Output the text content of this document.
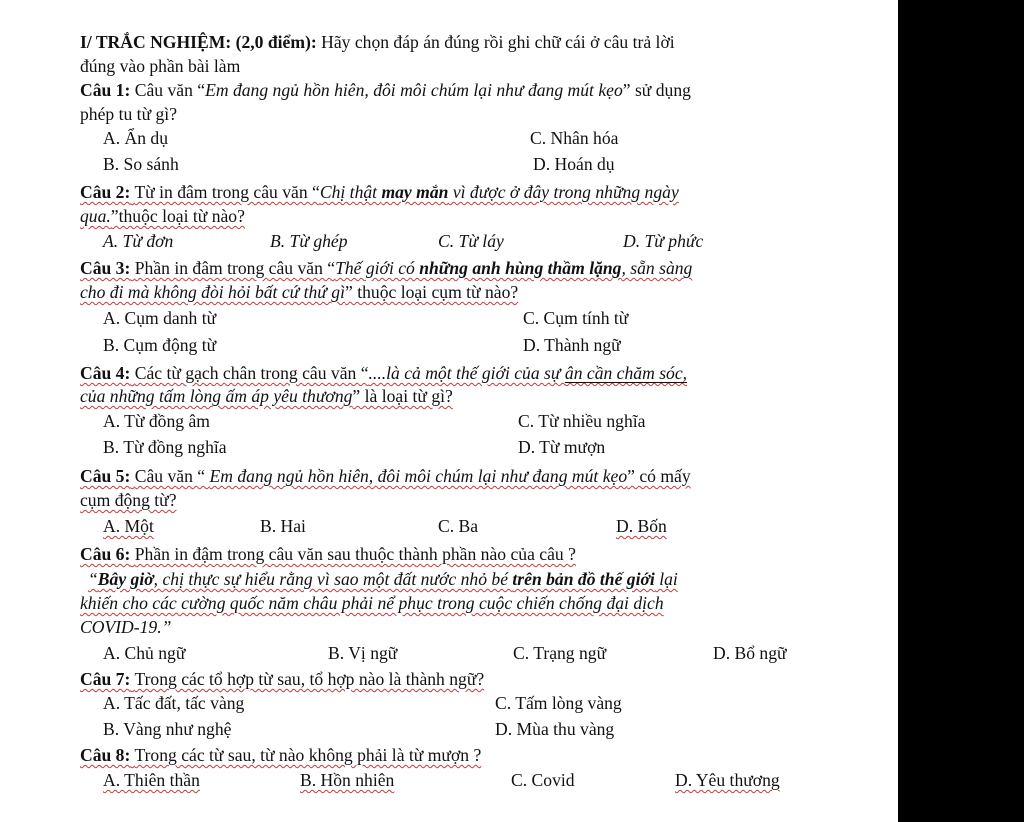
I/ TRẮC NGHIỆM: (2,0 điểm): Hãy chọn đáp án đúng rồi ghi chữ cái ở câu trả lời
đúng vào phần bài làm
Câu 1: Câu văn “Em đang ngủ hồn hiên, đôi môi chúm lại như đang mút kẹo” sử dụng
phép tu từ gì?
A. Ẩn dụ	C. Nhân hóa
B. So sánh	D. Hoán dụ
Câu 2: Từ in đâm trong câu văn “Chị thật may mắn vì được ở đây trong những ngày
qua.”thuộc loại từ nào?
A. Từ đơn	B. Từ ghép	C. Từ láy	D. Từ phức
Câu 3: Phần in đâm trong câu văn “Thế giới có những anh hùng thầm lặng, sẵn sàng
cho đi mà không đòi hỏi bất cứ thứ gì” thuộc loại cụm từ nào?
A. Cụm danh từ	C. Cụm tính từ
B. Cụm động từ	D. Thành ngữ
Câu 4: Các từ gạch chân trong câu văn “....là cả một thế giới của sự ân cần chăm sóc,
của những tấm lòng ấm áp yêu thương” là loại từ gì?
A. Từ đồng âm	C. Từ nhiều nghĩa
B. Từ đồng nghĩa	D. Từ mượn
Câu 5: Câu văn “ Em đang ngủ hồn hiên, đôi môi chúm lại như đang mút kẹo” có mấy
cụm động từ?
A. Một	B. Hai	C. Ba	D. Bốn
Câu 6: Phần in đậm trong câu văn sau thuộc thành phần nào của câu ?
“Bây giờ, chị thực sự hiểu rằng vì sao một đất nước nhỏ bé trên bản đồ thế giới lại
khiến cho các cường quốc năm châu phải nể phục trong cuộc chiến chống đại dịch
COVID-19.”
A. Chủ ngữ	B. Vị ngữ	C. Trạng ngữ	D. Bổ ngữ
Câu 7: Trong các tổ hợp từ sau, tổ hợp nào là thành ngữ?
A. Tấc đất, tấc vàng	C. Tấm lòng vàng
B. Vàng như nghệ	D. Mùa thu vàng
Câu 8: Trong các từ sau, từ nào không phải là từ mượn ?
A. Thiên thần	B. Hồn nhiên	C. Covid	D. Yêu thương
